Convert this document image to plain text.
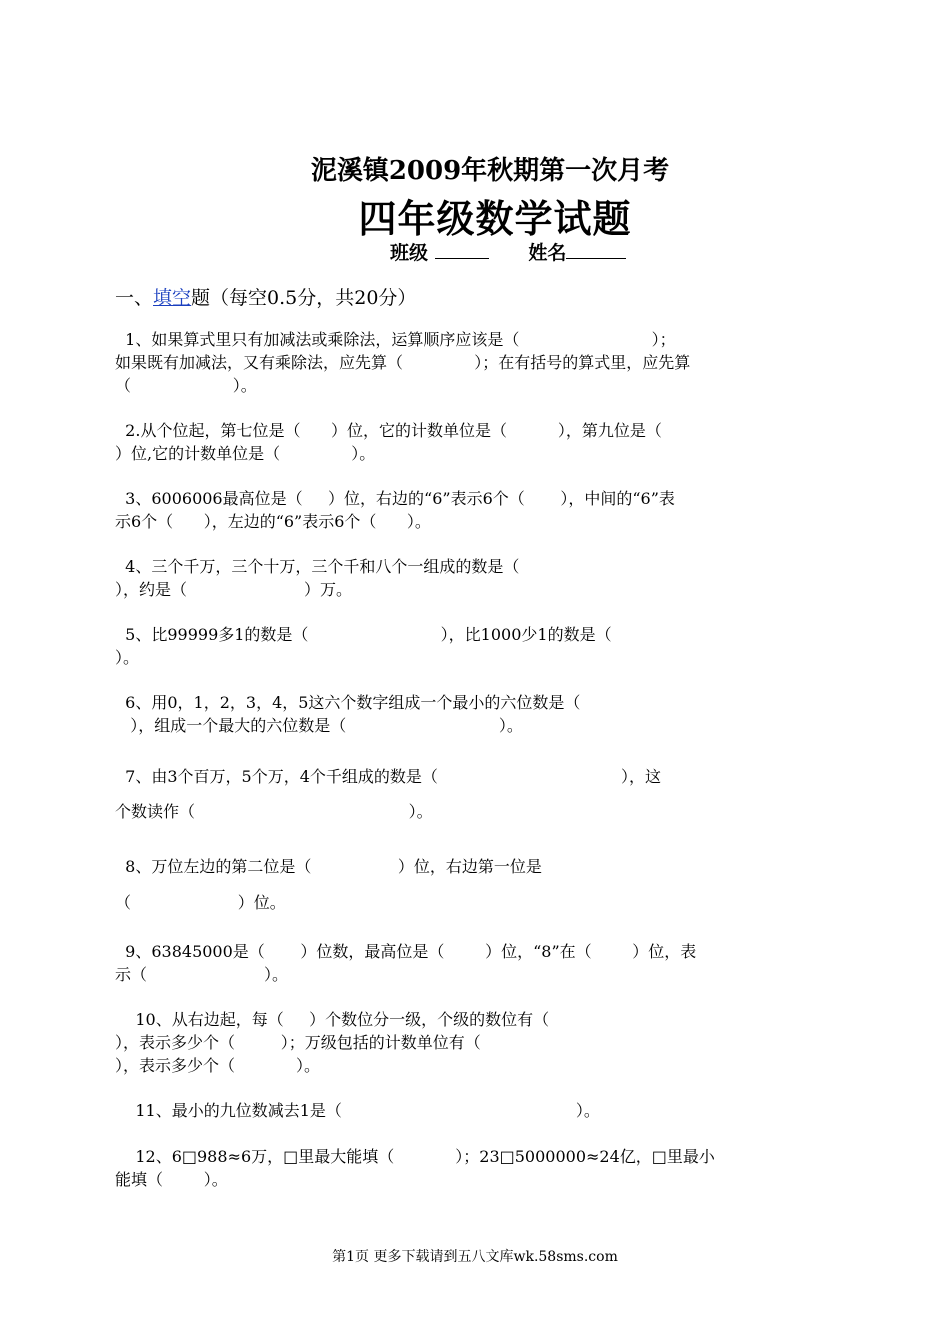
泥溪镇2009年秋期第一次月考
四年级数学试题
班级	姓名
一、填空题（每空0.5分，共20分）
1、如果算式里只有加减法或乘除法，运算顺序应该是（                          ）；
如果既有加减法，又有乘除法，应先算（              ）；在有括号的算式里，应先算
（                    ）。
2.从个位起，第七位是（      ）位，它的计数单位是（          ），第九位是（
）位,它的计数单位是（              ）。
3、6006006最高位是（     ）位，右边的“6”表示6个（       ），中间的“6”表
示6个（      ），左边的“6”表示6个（      ）。
4、三个千万，三个十万，三个千和八个一组成的数是（
），约是（                       ）万。
5、比99999多1的数是（                          ），比1000少1的数是（
）。
6、用0，1，2，3，4，5这六个数字组成一个最小的六位数是（
），组成一个最大的六位数是（                              ）。
7、由3个百万，5个万，4个千组成的数是（                                    ），这
个数读作（                                          ）。
8、万位左边的第二位是（                 ）位，右边第一位是
（                     ）位。
9、63845000是（       ）位数，最高位是（        ）位，“8”在（        ）位，表
示（                       ）。
10、从右边起，每（     ）个数位分一级，个级的数位有（
），表示多少个（         ）；万级包括的计数单位有（
），表示多少个（            ）。
11、最小的九位数减去1是（                                              ）。
12、6□988≈6万，□里最大能填（            ）；23□5000000≈24亿，□里最小
能填（        ）。
第1页 更多下载请到五八文库wk.58sms.com
